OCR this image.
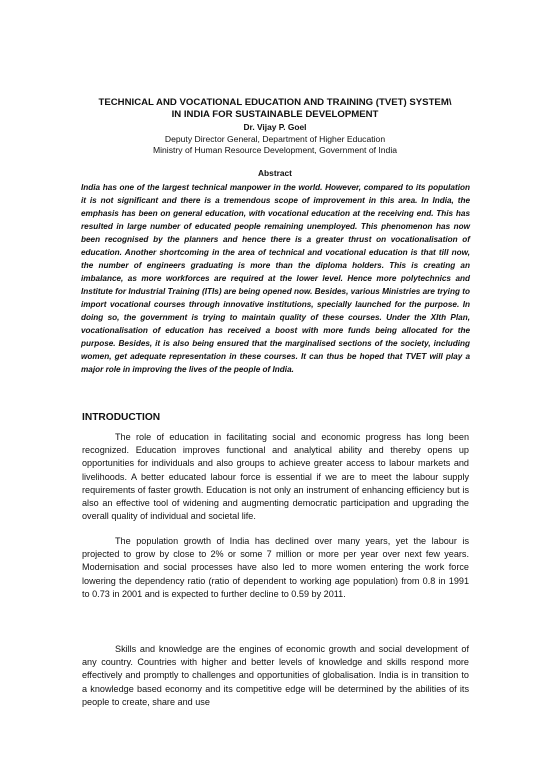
TECHNICAL AND VOCATIONAL EDUCATION AND TRAINING (TVET) SYSTEM\
IN INDIA FOR SUSTAINABLE DEVELOPMENT

Dr. Vijay P. Goel

Deputy Director General, Department of Higher Education

Ministry of Human Resource Development, Government of India

Abstract

India has one of the largest technical manpower in the world. However, compared to its population it is not significant and there is a tremendous scope of improvement in this area. In India, the emphasis has been on general education, with vocational education at the receiving end. This has resulted in large number of educated people remaining unemployed. This phenomenon has now been recognised by the planners and hence there is a greater thrust on vocationalisation of education. Another shortcoming in the area of technical and vocational education is that till now, the number of engineers graduating is more than the diploma holders. This is creating an imbalance, as more workforces are required at the lower level. Hence more polytechnics and Institute for Industrial Training (ITIs) are being opened now. Besides, various Ministries are trying to import vocational courses through innovative institutions, specially launched for the purpose. In doing so, the government is trying to maintain quality of these courses. Under the XIth Plan, vocationalisation of education has received a boost with more funds being allocated for the purpose. Besides, it is also being ensured that the marginalised sections of the society, including women, get adequate representation in these courses. It can thus be hoped that TVET will play a major role in improving the lives of the people of India.

INTRODUCTION

The role of education in facilitating social and economic progress has long been recognized. Education improves functional and analytical ability and thereby opens up opportunities for individuals and also groups to achieve greater access to labour markets and livelihoods. A better educated labour force is essential if we are to meet the labour supply requirements of faster growth. Education is not only an instrument of enhancing efficiency but is also an effective tool of widening and augmenting democratic participation and upgrading the overall quality of individual and societal life.

The population growth of India has declined over many years, yet the labour is projected to grow by close to 2% or some 7 million or more per year over next few years. Modernisation and social processes have also led to more women entering the work force lowering the dependency ratio (ratio of dependent to working age population) from 0.8 in 1991 to 0.73 in 2001 and is expected to further decline to 0.59 by 2011.

Skills and knowledge are the engines of economic growth and social development of any country. Countries with higher and better levels of knowledge and skills respond more effectively and promptly to challenges and opportunities of globalisation. India is in transition to a knowledge based economy and its competitive edge will be determined by the abilities of its people to create, share and use
